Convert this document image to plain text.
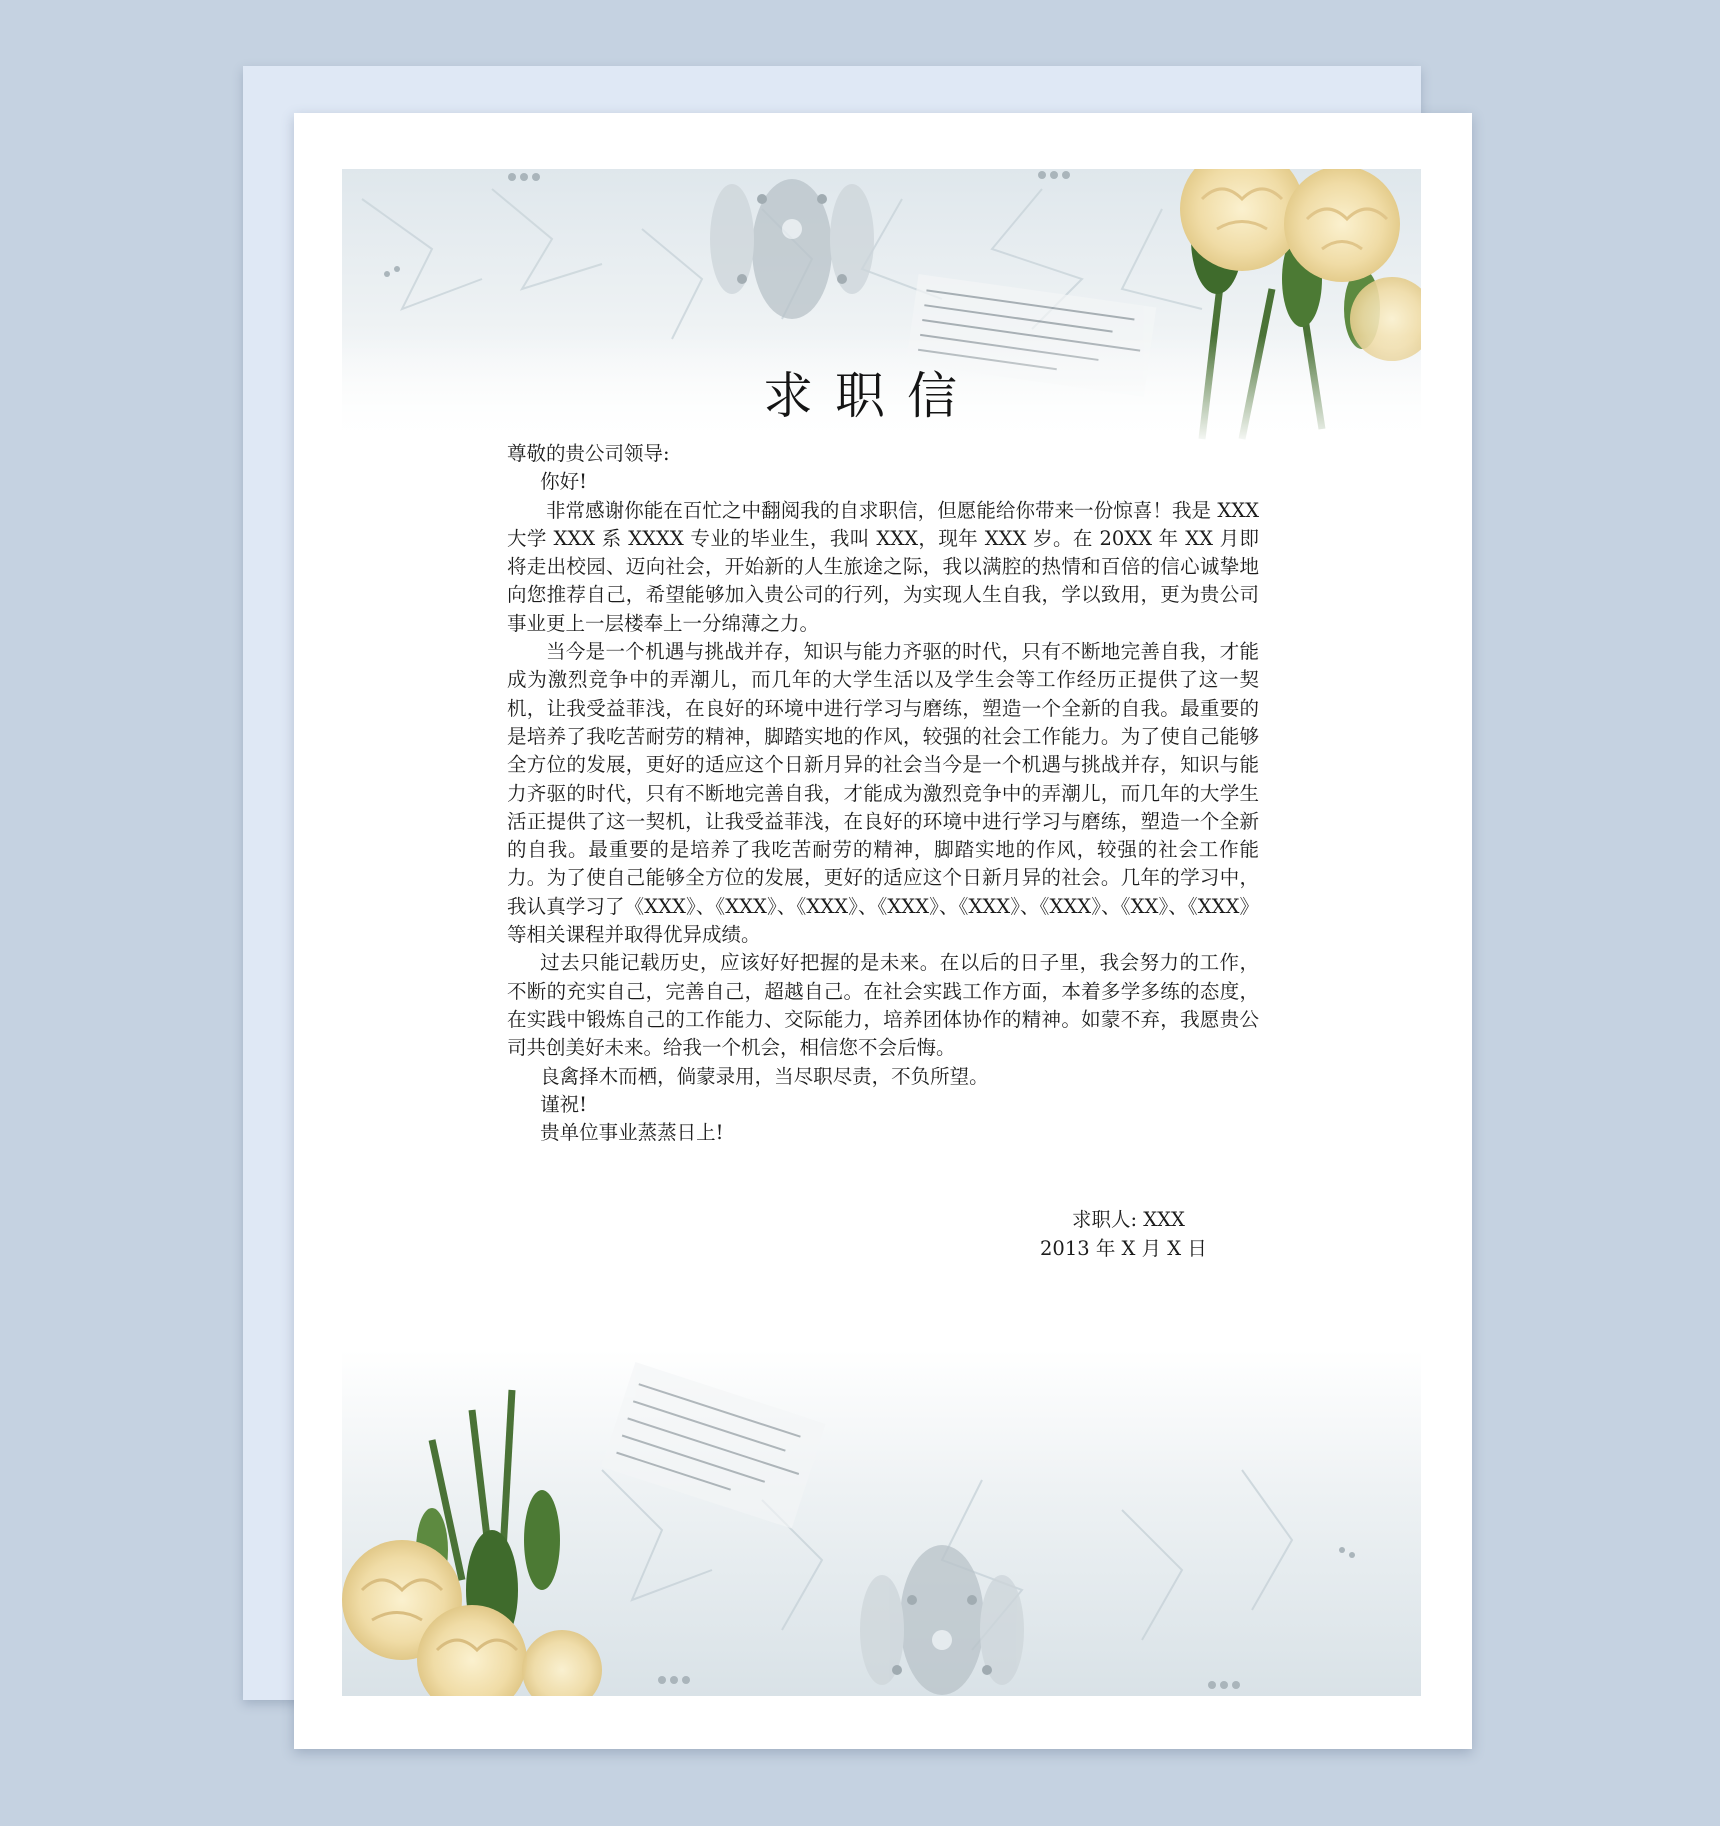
求职信

尊敬的贵公司领导:

你好!

非常感谢你能在百忙之中翻阅我的自求职信，但愿能给你带来一份惊喜！我是 XXX 大学 XXX 系 XXXX 专业的毕业生，我叫 XXX，现年 XXX 岁。在 20XX 年 XX 月即将走出校园、迈向社会，开始新的人生旅途之际，我以满腔的热情和百倍的信心诚挚地向您推荐自己，希望能够加入贵公司的行列，为实现人生自我，学以致用，更为贵公司事业更上一层楼奉上一分绵薄之力。

当今是一个机遇与挑战并存，知识与能力齐驱的时代，只有不断地完善自我，才能成为激烈竞争中的弄潮儿，而几年的大学生活以及学生会等工作经历正提供了这一契机，让我受益菲浅，在良好的环境中进行学习与磨练，塑造一个全新的自我。最重要的是培养了我吃苦耐劳的精神，脚踏实地的作风，较强的社会工作能力。为了使自己能够全方位的发展，更好的适应这个日新月异的社会当今是一个机遇与挑战并存，知识与能力齐驱的时代，只有不断地完善自我，才能成为激烈竞争中的弄潮儿，而几年的大学生活正提供了这一契机，让我受益菲浅，在良好的环境中进行学习与磨练，塑造一个全新的自我。最重要的是培养了我吃苦耐劳的精神，脚踏实地的作风，较强的社会工作能力。为了使自己能够全方位的发展，更好的适应这个日新月异的社会。几年的学习中，我认真学习了《XXX》、《XXX》、《XXX》、《XXX》、《XXX》、《XXX》、《XX》、《XXX》等相关课程并取得优异成绩。

过去只能记载历史，应该好好把握的是未来。在以后的日子里，我会努力的工作，不断的充实自己，完善自己，超越自己。在社会实践工作方面，本着多学多练的态度，在实践中锻炼自己的工作能力、交际能力，培养团体协作的精神。如蒙不弃，我愿贵公司共创美好未来。给我一个机会，相信您不会后悔。

良禽择木而栖，倘蒙录用，当尽职尽责，不负所望。

谨祝!

贵单位事业蒸蒸日上!

求职人: XXX
2013 年 X 月 X 日
